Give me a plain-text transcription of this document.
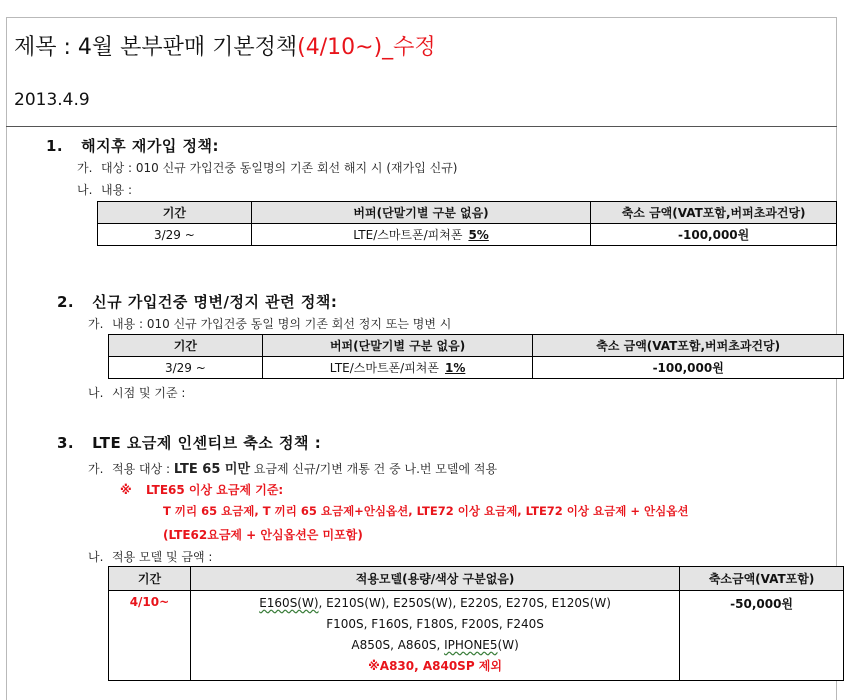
제목 : 4월 본부판매 기본정책(4/10~)_수정
2013.4.9
1. 해지후 재가입 정책:
가. 대상 : 010 신규 가입건중 동일명의 기존 회선 해지 시 (재가입 신규)
나. 내용 :
기간	버퍼(단말기별 구분 없음)	축소 금액(VAT포함,버퍼초과건당)
3/29 ~	LTE/스마트폰/피쳐폰 5%	-100,000원
2. 신규 가입건중 명변/정지 관련 정책:
가. 내용 : 010 신규 가입건중 동일 명의 기존 회선 정지 또는 명변 시
기간	버퍼(단말기별 구분 없음)	축소 금액(VAT포함,버퍼초과건당)
3/29 ~	LTE/스마트폰/피쳐폰 1%	-100,000원
나. 시점 및 기준 :
3. LTE 요금제 인센티브 축소 정책 :
가. 적용 대상 : LTE 65 미만 요금제 신규/기변 개통 건 중 나.번 모델에 적용
※ LTE65 이상 요금제 기준:
T 끼리 65 요금제, T 끼리 65 요금제+안심옵션, LTE72 이상 요금제, LTE72 이상 요금제 + 안심옵션
(LTE62요금제 + 안심옵션은 미포함)
나. 적용 모델 및 금액 :
기간	적용모델(용량/색상 구분없음)	축소금액(VAT포함)
4/10~	E160S(W), E210S(W), E250S(W), E220S, E270S, E120S(W)
F100S, F160S, F180S, F200S, F240S
A850S, A860S, IPHONE5(W)
※A830, A840SP 제외	-50,000원
